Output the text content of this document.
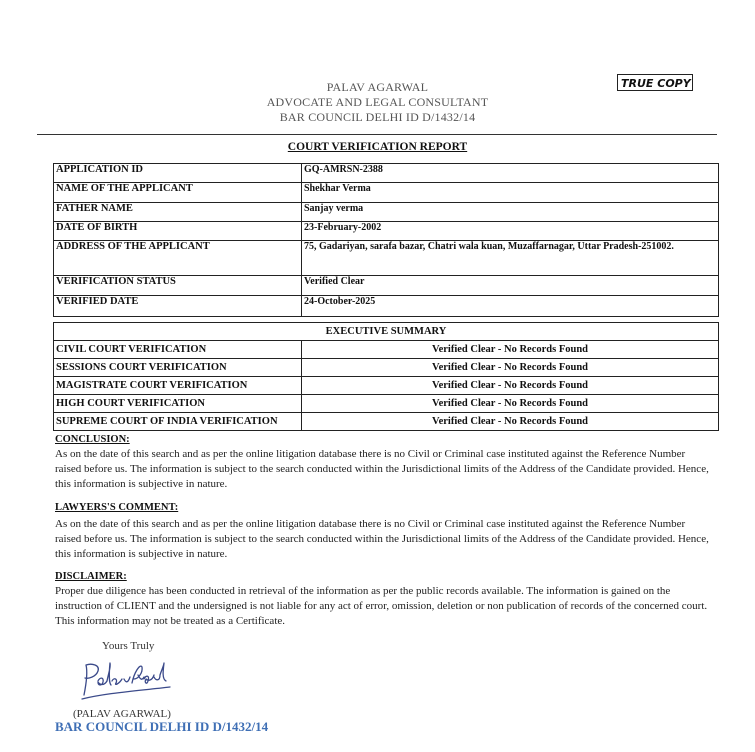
PALAV AGARWAL
ADVOCATE AND LEGAL CONSULTANT
BAR COUNCIL DELHI ID D/1432/14
TRUE COPY
COURT VERIFICATION REPORT
APPLICATION ID	GQ-AMRSN-2388
NAME OF THE APPLICANT	Shekhar Verma
FATHER NAME	Sanjay verma
DATE OF BIRTH	23-February-2002
ADDRESS OF THE APPLICANT	75, Gadariyan, sarafa bazar, Chatri wala kuan, Muzaffarnagar, Uttar Pradesh-251002.
VERIFICATION STATUS	Verified Clear
VERIFIED DATE	24-October-2025
EXECUTIVE SUMMARY	
CIVIL COURT VERIFICATION	Verified Clear - No Records Found
SESSIONS COURT VERIFICATION	Verified Clear - No Records Found
MAGISTRATE COURT VERIFICATION	Verified Clear - No Records Found
HIGH COURT VERIFICATION	Verified Clear - No Records Found
SUPREME COURT OF INDIA VERIFICATION	Verified Clear - No Records Found
CONCLUSION:
As on the date of this search and as per the online litigation database there is no Civil or Criminal case instituted against the Reference Number raised before us. The information is subject to the search conducted within the Jurisdictional limits of the Address of the Candidate provided. Hence, this information is subjective in nature.
LAWYERS'S COMMENT:
As on the date of this search and as per the online litigation database there is no Civil or Criminal case instituted against the Reference Number raised before us. The information is subject to the search conducted within the Jurisdictional limits of the Address of the Candidate provided. Hence, this information is subjective in nature.
DISCLAIMER:
Proper due diligence has been conducted in retrieval of the information as per the public records available. The information is gained on the instruction of CLIENT and the undersigned is not liable for any act of error, omission, deletion or non publication of records of the concerned court. This information may not be treated as a Certificate.
Yours Truly
(PALAV AGARWAL)
BAR COUNCIL DELHI ID D/1432/14
